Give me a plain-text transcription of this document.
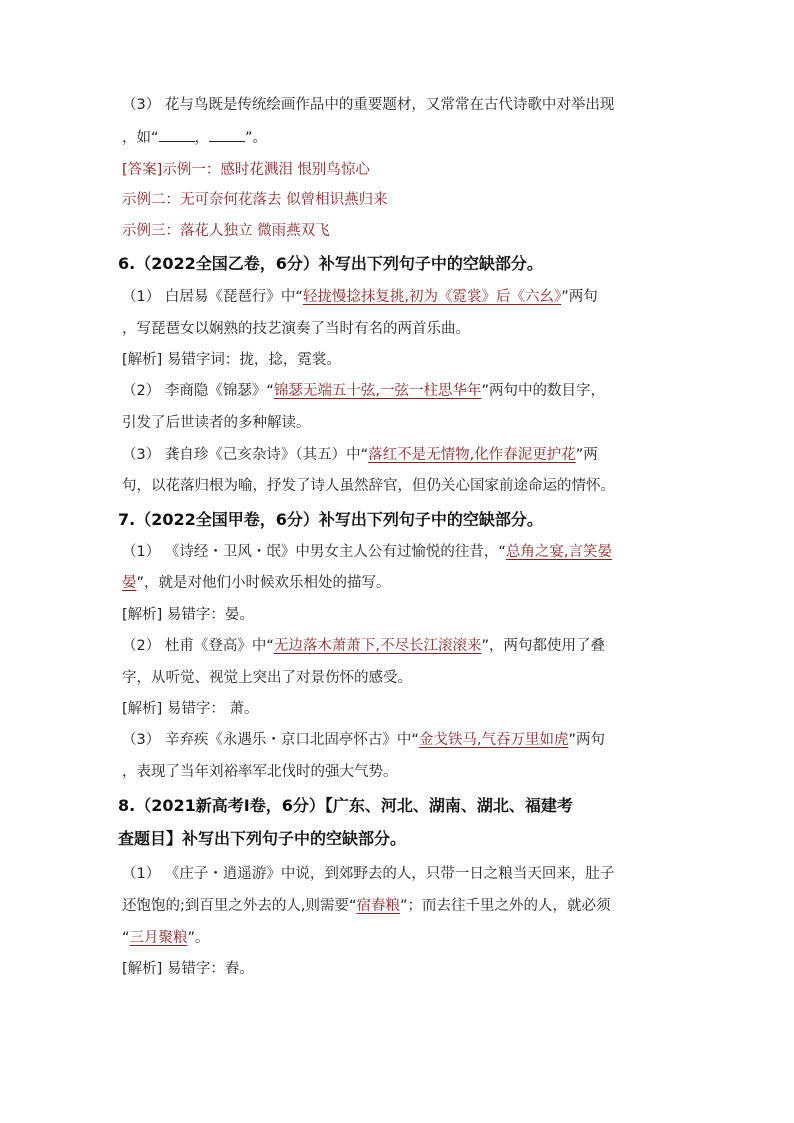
（3） 花与鸟既是传统绘画作品中的重要题材，又常常在古代诗歌中对举出现
，如“ ， ”。
[答案]示例一：感时花溅泪 恨别鸟惊心
示例二：无可奈何花落去 似曾相识燕归来
示例三：落花人独立 微雨燕双飞
6.（2022全国乙卷，6分）补写出下列句子中的空缺部分。
（1） 白居易《琵琶行》中“轻拢慢捻抹复挑,初为《霓裳》后《六幺》”两句
，写琵琶女以娴熟的技艺演奏了当时有名的两首乐曲。
[解析] 易错字词：拢，捻，霓裳。
（2） 李商隐《锦瑟》“锦瑟无端五十弦,一弦一柱思华年”两句中的数目字，
引发了后世读者的多种解读。
（3） 龚自珍《己亥杂诗》（其五）中“落红不是无情物,化作春泥更护花”两
句，以花落归根为喻，抒发了诗人虽然辞官，但仍关心国家前途命运的情怀。
7.（2022全国甲卷，6分）补写出下列句子中的空缺部分。
（1） 《诗经・卫风・氓》中男女主人公有过愉悦的往昔，“总角之宴,言笑晏
晏”，就是对他们小时候欢乐相处的描写。
[解析] 易错字：晏。
（2） 杜甫《登高》中“无边落木萧萧下,不尽长江滚滚来”，两句都使用了叠
字，从听觉、视觉上突出了对景伤怀的感受。
[解析] 易错字： 萧。
（3） 辛弃疾《永遇乐・京口北固亭怀古》中“金戈铁马,气吞万里如虎”两句
，表现了当年刘裕率军北伐时的强大气势。
8.（2021新高考Ⅰ卷，6分）【广东、河北、湖南、湖北、福建考
查题目】补写出下列句子中的空缺部分。
（1） 《庄子・逍遥游》中说，到郊野去的人，只带一日之粮当天回来，肚子
还饱饱的;到百里之外去的人,则需要“宿舂粮”；而去往千里之外的人，就必须
“三月聚粮”。
[解析] 易错字：舂。
